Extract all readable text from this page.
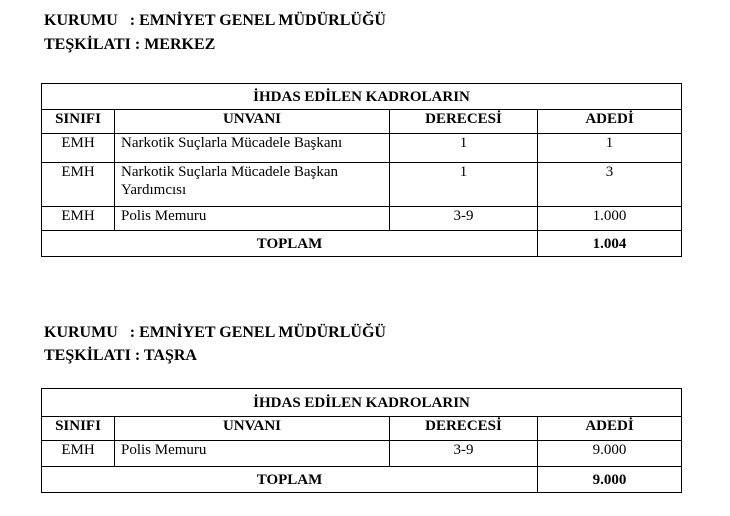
KURUMU : EMNİYET GENEL MÜDÜRLÜĞÜ
TEŞKİLATI : MERKEZ
İHDAS EDİLEN KADROLARIN			
SINIFI	UNVANI	DERECESİ	ADEDİ
EMH	Narkotik Suçlarla Mücadele Başkanı	1	1
EMH	Narkotik Suçlarla Mücadele Başkan Yardımcısı	1	3
EMH	Polis Memuru	3-9	1.000
TOPLAM			1.004
KURUMU : EMNİYET GENEL MÜDÜRLÜĞÜ
TEŞKİLATI : TAŞRA
İHDAS EDİLEN KADROLARIN			
SINIFI	UNVANI	DERECESİ	ADEDİ
EMH	Polis Memuru	3-9	9.000
TOPLAM			9.000
